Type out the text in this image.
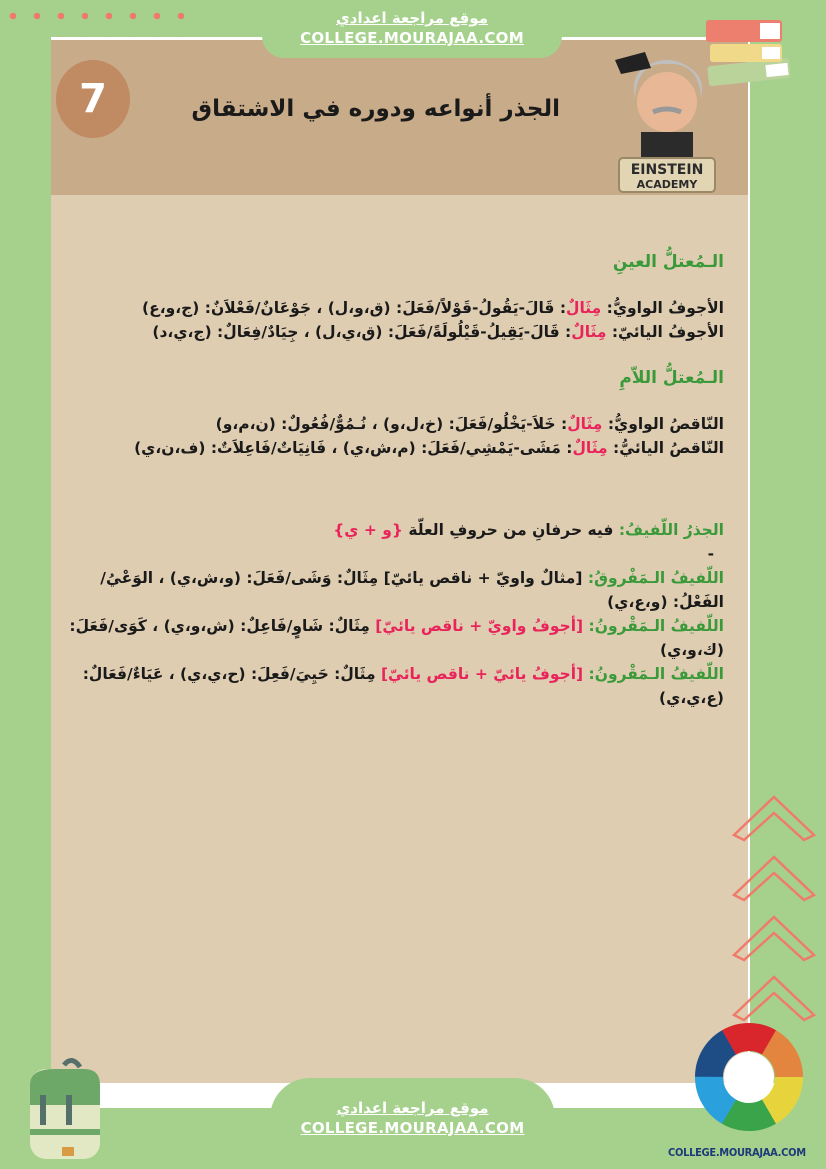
موقع مراجعة اعدادي
COLLEGE.MOURAJAA.COM
7	الجذر أنواعه ودوره في الاشتقاق
EINSTEIN
ACADEMY
الـمُعتلُّ العينِ
الأجوفُ الواويُّ: مِثَالٌ: قَالَ-يَقُولُ-قَوْلاً/فَعَلَ: (ق،و،ل) ، جَوْعَانٌ/فَعْلاَنٌ: (ج،و،ع)
الأجوفُ اليائيّ: مِثَالٌ: قَالَ-يَقِيلُ-قَيْلُولَةً/فَعَلَ: (ق،ي،ل) ، جِيَادٌ/فِعَالٌ: (ج،ي،د)
الـمُعتلُّ اللاّمِ
النّاقصُ الواويُّ: مِثَالٌ: خَلاَ-يَخْلُو/فَعَلَ: (خ،ل،و) ، نُـمُوٌّ/فُعُولٌ: (ن،م،و)
النّاقصُ اليائيُّ: مِثَالٌ: مَشَى-يَمْشِي/فَعَلَ: (م،ش،ي) ، فَانِيَاتٌ/فَاعِلاَتٌ: (ف،ن،ي)
الجذرُ اللّفيفُ: فيه حرفانِ من حروفِ العلّة {و + ي}
-
اللّفيفُ الـمَفْروقُ: [مثالٌ واويّ + ناقص يائيّ] مِثَالٌ: وَشَى/فَعَلَ: (و،ش،ي) ، الوَعْيُ/الفَعْلُ: (و،ع،ي)
اللّفيفُ الـمَقْرونُ: [أجوفُ واويّ + ناقص يائيّ] مِثَالٌ: شَاوٍ/فَاعِلٌ: (ش،و،ي) ، كَوَى/فَعَلَ: (ك،و،ي)
اللّفيفُ الـمَقْرونُ: [أجوفُ يائيّ + ناقص يائيّ] مِثَالٌ: حَيِيَ/فَعِلَ: (ح،ي،ي) ، عَيَاءٌ/فَعَالٌ: (ع،ي،ي)
موقع مراجعة اعدادي
COLLEGE.MOURAJAA.COM
COLLEGE.MOURAJAA.COM
